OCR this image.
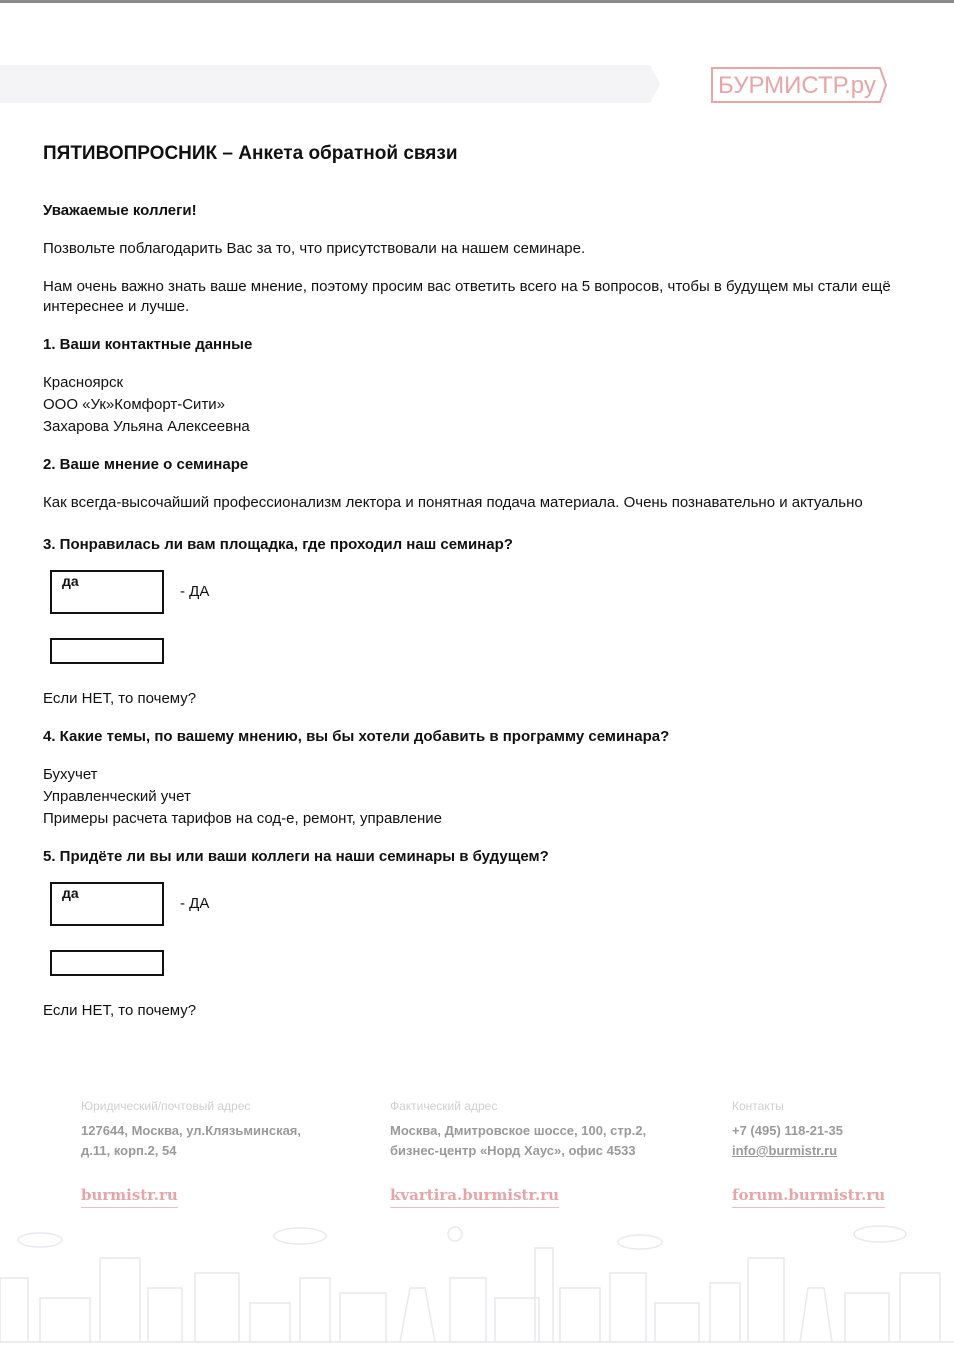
БУРМИСТР.ру
ПЯТИВОПРОСНИК – Анкета обратной связи
Уважаемые коллеги!
Позвольте поблагодарить Вас за то, что присутствовали на нашем семинаре.
Нам очень важно знать ваше мнение, поэтому просим вас ответить всего на 5 вопросов, чтобы в будущем мы стали ещё интереснее и лучше.
1. Ваши контактные данные
Красноярск
ООО «Ук»Комфорт-Сити»
Захарова Ульяна Алексеевна
2. Ваше мнение о семинаре
Как всегда-высочайший профессионализм лектора и понятная подача материала. Очень познавательно и актуально
3. Понравилась ли вам площадка, где проходил наш семинар?
да
- ДА
Если НЕТ, то почему?
4. Какие темы, по вашему мнению, вы бы хотели добавить в программу семинара?
Бухучет
Управленческий учет
Примеры расчета тарифов на сод-е, ремонт, управление
5. Придёте ли вы или ваши коллеги на наши семинары в будущем?
да
- ДА
Если НЕТ, то почему?
Юридический/почтовый адрес
127644, Москва, ул.Клязьминская,
д.11, корп.2, 54
burmistr.ru
Фактический адрес
Москва, Дмитровское шоссе, 100, стр.2,
бизнес-центр «Норд Хаус», офис 4533
kvartira.burmistr.ru
Контакты
+7 (495) 118-21-35
info@burmistr.ru
forum.burmistr.ru
